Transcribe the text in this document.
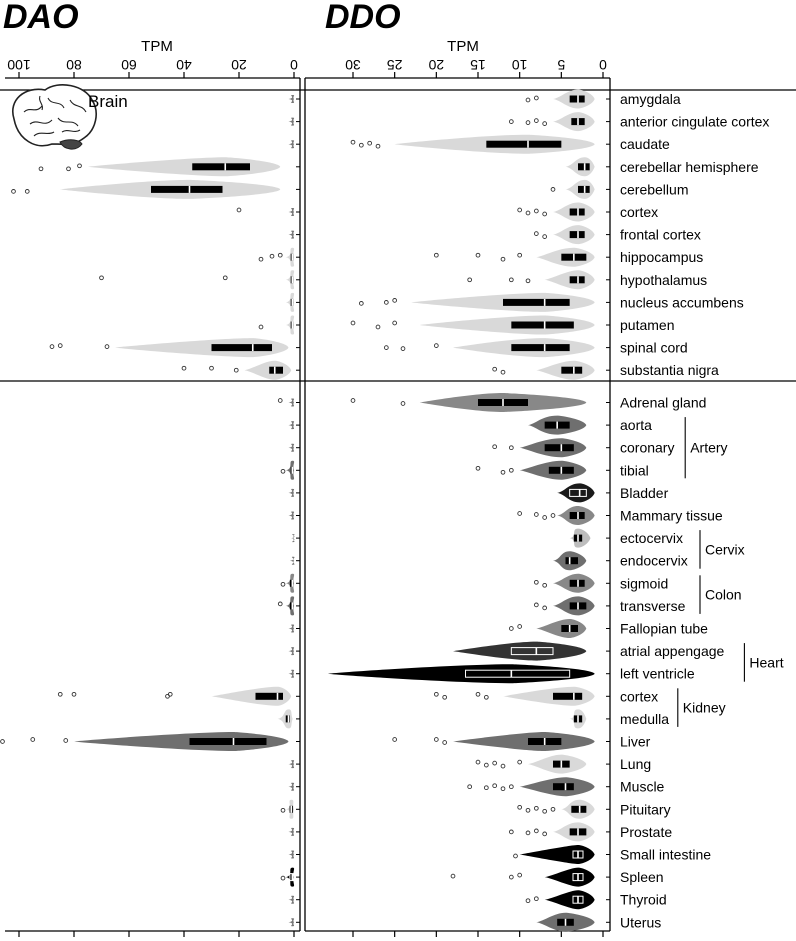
DAO	DDO
TPM	TPM
0
20
40
60
80
100	0
5
10
15
20
25
30
Brain	amygdala
anterior cingulate cortex
caudate
cerebellar hemisphere
cerebellum
cortex
frontal cortex
hippocampus
hypothalamus
nucleus accumbens
putamen
spinal cord
substantia nigra
Adrenal gland
aorta
coronary
tibial
Bladder
Mammary tissue
ectocervix
endocervix
sigmoid
transverse
Fallopian tube
atrial appengage
left ventricle
cortex
medulla
Liver
Lung
Muscle
Pituitary
Prostate
Small intestine
Spleen
Thyroid
Uterus
Artery
Cervix
Colon
Heart
Kidney
